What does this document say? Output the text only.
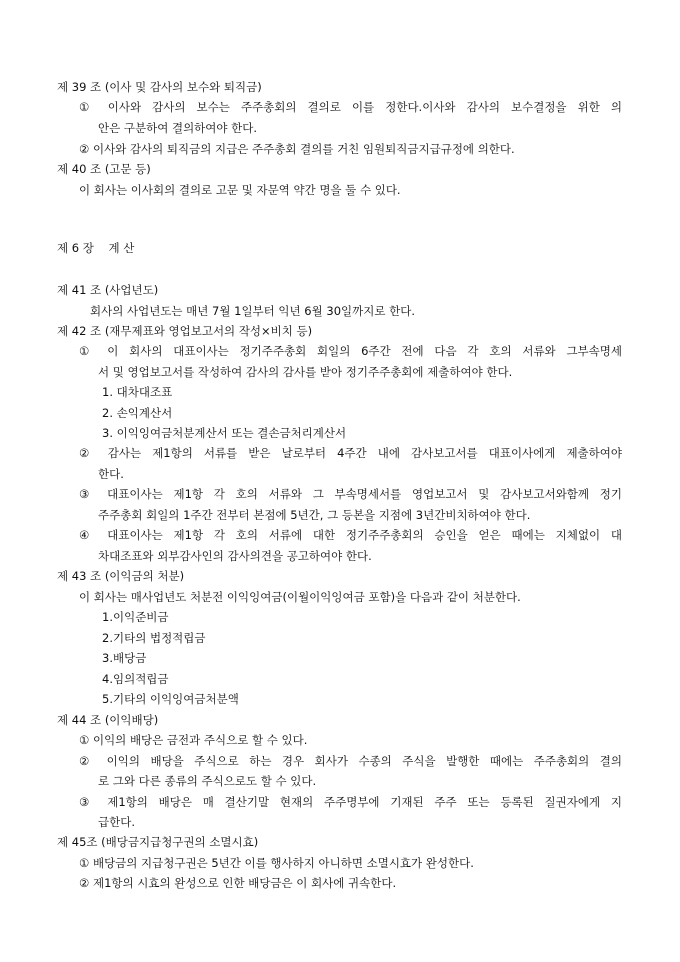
제 39 조 (이사 및 감사의 보수와 퇴직금)
① 이사와 감사의 보수는 주주총회의 결의로 이를 정한다.이사와 감사의 보수결정을 위한 의
안은 구분하여 결의하여야 한다.
② 이사와 감사의 퇴직금의 지급은 주주총회 결의를 거친 임원퇴직금지급규정에 의한다.
제 40 조 (고문 등)
이 회사는 이사회의 결의로 고문 및 자문역 약간 명을 둘 수 있다.
제 6 장    계 산
제 41 조 (사업년도)
회사의 사업년도는 매년 7월 1일부터 익년 6월 30일까지로 한다.
제 42 조 (재무제표와 영업보고서의 작성×비치 등)
① 이 회사의 대표이사는 정기주주총회 회일의 6주간 전에 다음 각 호의 서류와 그부속명세
서 및 영업보고서를 작성하여 감사의 감사를 받아 정기주주총회에 제출하여야 한다.
1. 대차대조표
2. 손익계산서
3. 이익잉여금처분계산서 또는 결손금처리계산서
② 감사는 제1항의 서류를 받은 날로부터 4주간 내에 감사보고서를 대표이사에게 제출하여야
한다.
③ 대표이사는 제1항 각 호의 서류와 그 부속명세서를 영업보고서 및 감사보고서와함께 정기
주주총회 회일의 1주간 전부터 본점에 5년간, 그 등본을 지점에 3년간비치하여야 한다.
④ 대표이사는 제1항 각 호의 서류에 대한 정기주주총회의 승인을 얻은 때에는 지체없이 대
차대조표와 외부감사인의 감사의견을 공고하여야 한다.
제 43 조 (이익금의 처분)
이 회사는 매사업년도 처분전 이익잉여금(이월이익잉여금 포함)을 다음과 같이 처분한다.
1.이익준비금
2.기타의 법정적립금
3.배당금
4.임의적립금
5.기타의 이익잉여금처분액
제 44 조 (이익배당)
① 이익의 배당은 금전과 주식으로 할 수 있다.
② 이익의 배당을 주식으로 하는 경우 회사가 수종의 주식을 발행한 때에는 주주총회의 결의
로 그와 다른 종류의 주식으로도 할 수 있다.
③ 제1항의 배당은 매 결산기말 현재의 주주명부에 기재된 주주 또는 등록된 질권자에게 지
급한다.
제 45조 (배당금지급청구권의 소멸시효)
① 배당금의 지급청구권은 5년간 이를 행사하지 아니하면 소멸시효가 완성한다.
② 제1항의 시효의 완성으로 인한 배당금은 이 회사에 귀속한다.
